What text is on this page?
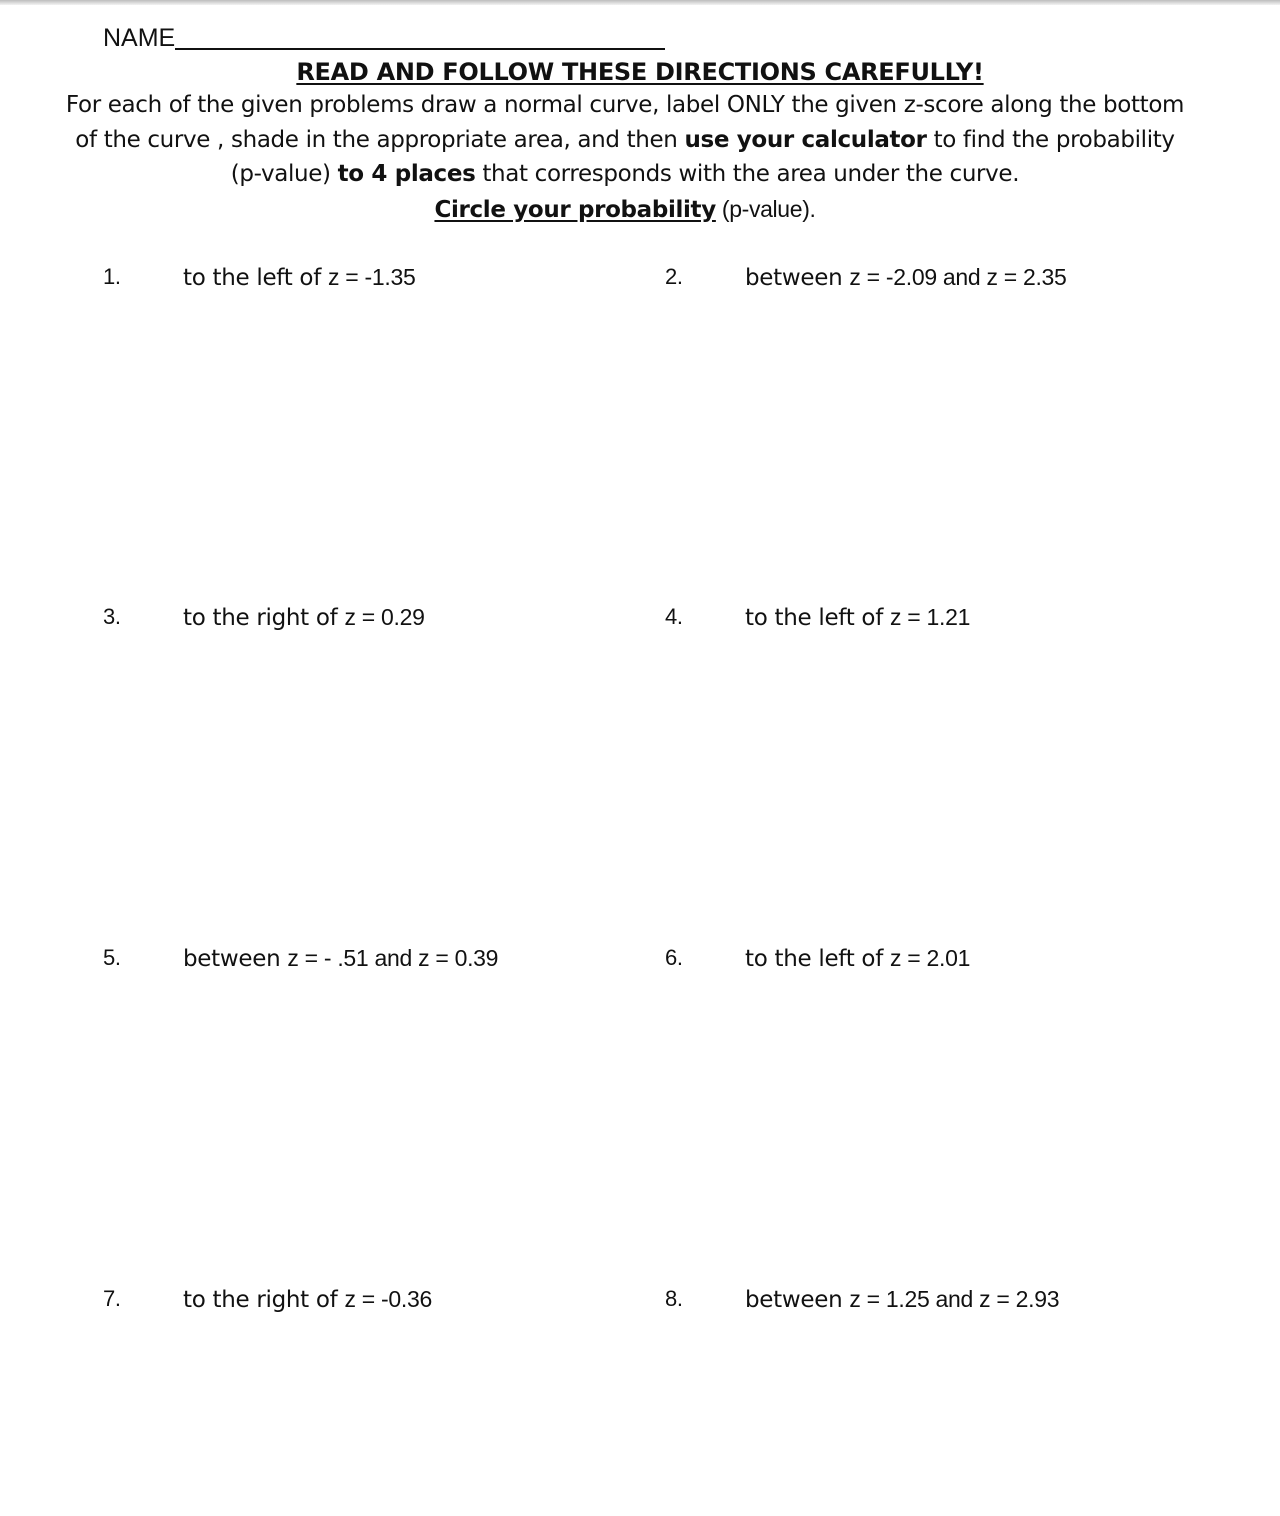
NAME
READ AND FOLLOW THESE DIRECTIONS CAREFULLY!
For each of the given problems draw a normal curve, label ONLY the given z-score along the bottom of the curve , shade in the appropriate area, and then use your calculator to find the probability (p-value) to 4 places that corresponds with the area under the curve.
Circle your probability (p-value).
1.	to the left of z = -1.35	2.	between z = -2.09 and z = 2.35
3.	to the right of z = 0.29	4.	to the left of z = 1.21
5.	between z = - .51 and z = 0.39	6.	to the left of z = 2.01
7.	to the right of z = -0.36	8.	between z = 1.25 and z = 2.93
